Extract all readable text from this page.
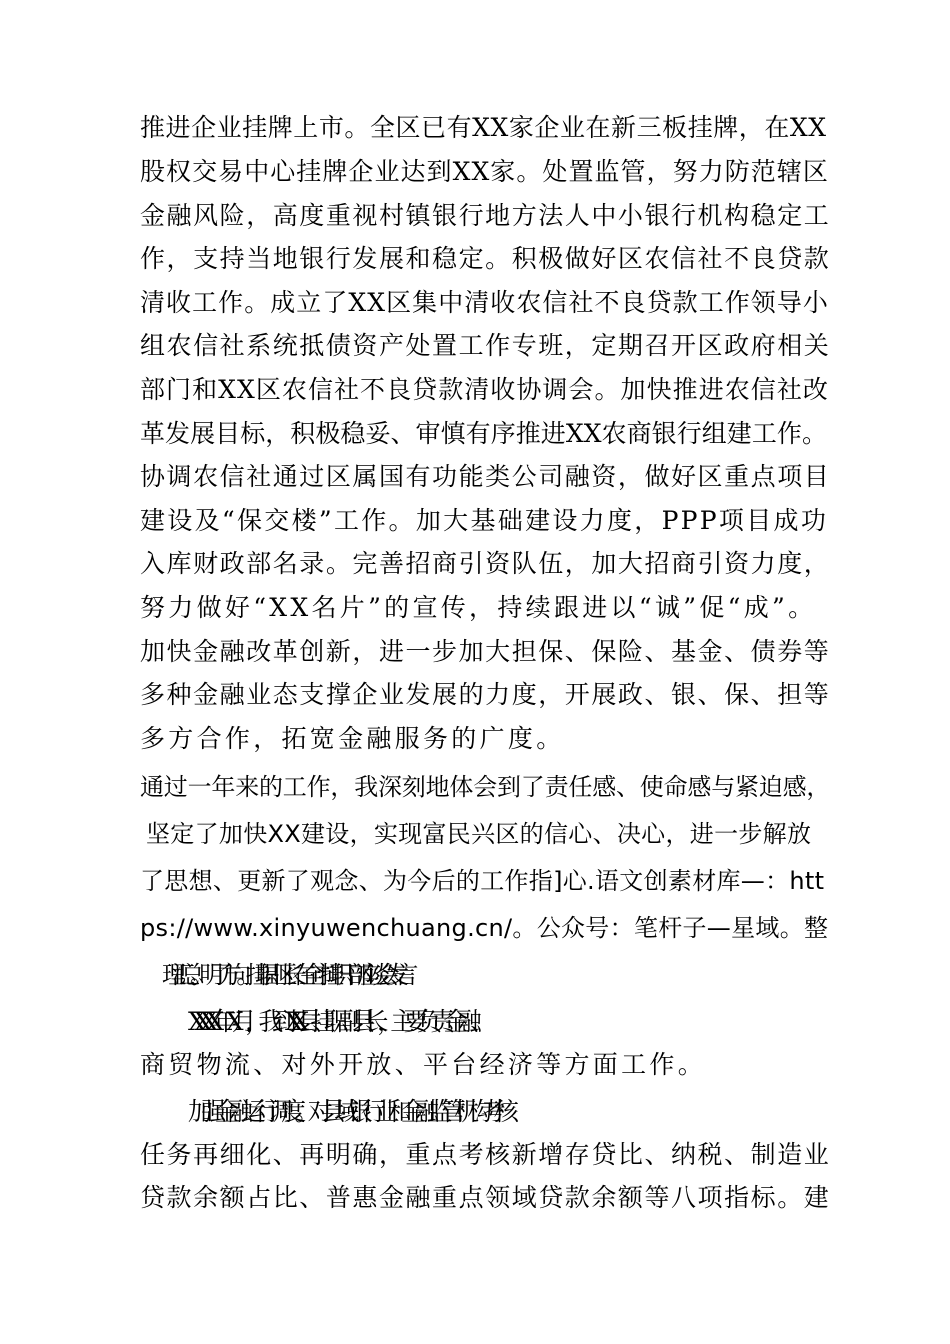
推进企业挂牌上市。全区已有XX家企业在新三板挂牌，在XX
股权交易中心挂牌企业达到XX家。处置监管，努力防范辖区
金融风险，高度重视村镇银行地方法人中小银行机构稳定工
作，支持当地银行发展和稳定。积极做好区农信社不良贷款
清收工作。成立了XX区集中清收农信社不良贷款工作领导小
组农信社系统抵债资产处置工作专班，定期召开区政府相关
部门和XX区农信社不良贷款清收协调会。加快推进农信社改
革发展目标，积极稳妥、审慎有序推进XX农商银行组建工作。
协调农信社通过区属国有功能类公司融资，做好区重点项目
建设及“保交楼”工作。加大基础建设力度，PPP项目成功
入库财政部名录。完善招商引资队伍，加大招商引资力度，
努力做好“XX名片”的宣传，持续跟进以“诚”促“成”。
加快金融改革创新，进一步加大担保、保险、基金、债券等
多种金融业态支撑企业发展的力度，开展政、银、保、担等
多方合作，拓宽金融服务的广度。
通过一年来的工作，我深刻地体会到了责任感、使命感与紧迫感，
坚定了加快XX建设，实现富民兴区的信心、决心，进一步解放
了思想、更新了观念、为今后的工作指]心.语文创素材库—：htt
ps://www.xinyuwenchuang.cn/。公众号：笔杆子—星域。整
理汇总。明了方向。挂职副区长在全市挂职干部座谈会发言
XXXX年X月，我到XX县挂职副县长，主要负责金融、
商贸物流、对外开放、平台经济等方面工作。
加强金融运行调度。对县域银行业和金融监管机构考核
任务再细化、再明确，重点考核新增存贷比、纳税、制造业
贷款余额占比、普惠金融重点领域贷款余额等八项指标。建
